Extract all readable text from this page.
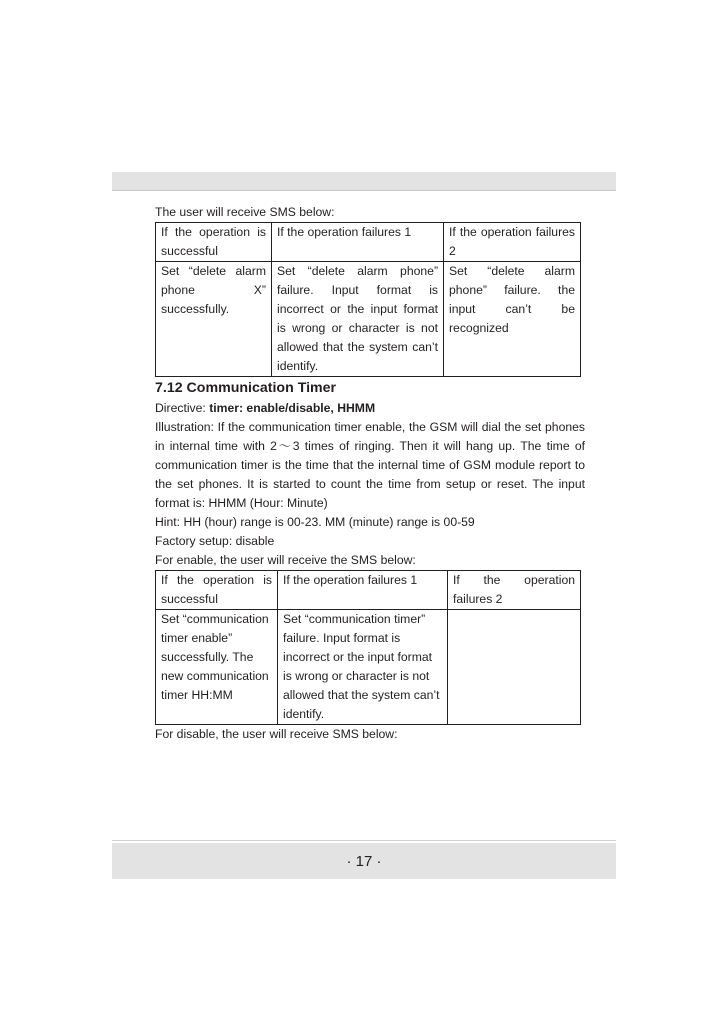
The user will receive SMS below:

If the operation is successful	If the operation failures 1	If the operation failures 2
Set “delete alarm phone X” successfully.	Set “delete alarm phone” failure. Input format is incorrect or the input format is wrong or character is not allowed that the system can’t identify.	Set “delete alarm phone” failure. the input can’t be recognized
7.12 Communication Timer

Directive: timer: enable/disable, HHMM

Illustration: If the communication timer enable, the GSM will dial the set phones in internal time with 2～3 times of ringing. Then it will hang up. The time of communication timer is the time that the internal time of GSM module report to the set phones. It is started to count the time from setup or reset. The input format is: HHMM (Hour: Minute)

Hint: HH (hour) range is 00-23. MM (minute) range is 00-59

Factory setup: disable

For enable, the user will receive the SMS below:

If the operation is successful	If the operation failures 1	If the operation failures 2
Set “communication timer enable” successfully. The new communication timer HH:MM	Set “communication timer” failure. Input format is incorrect or the input format is wrong or character is not allowed that the system can’t identify.	

For disable, the user will receive SMS below:

· 17 ·
